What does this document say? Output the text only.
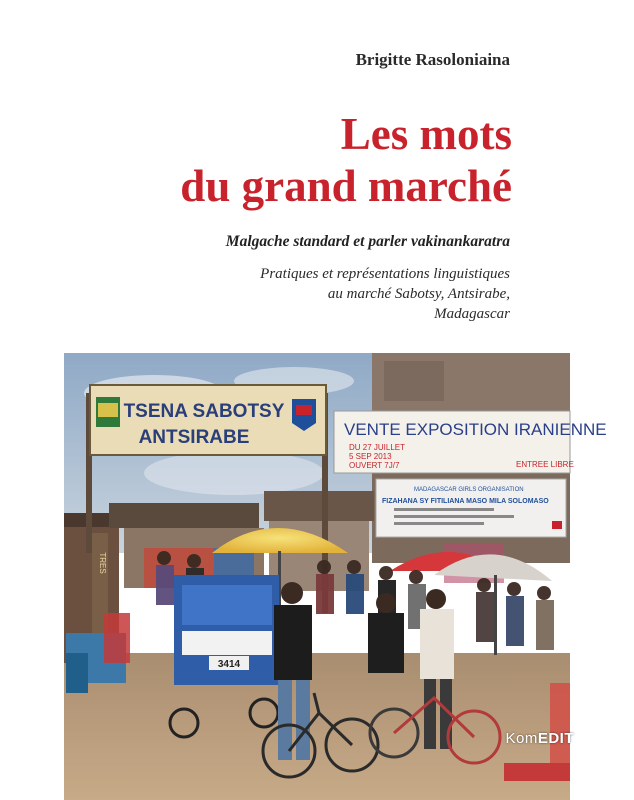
Brigitte Rasoloniaina
Les mots
du grand marché
Malgache standard et parler vakinankaratra
Pratiques et représentations linguistiques
au marché Sabotsy, Antsirabe,
Madagascar
TSENA SABOTSY
ANTSIRABE	VENTE EXPOSITION IRANIENNE
DU 27 JUILLET
5 SEP 2013
OUVERT 7J/7	ENTREE LIBRE
MADAGASCAR GIRLS ORGANISATION
FIZAHANA SY FITILIANA MASO MILA SOLOMASO
TRES
3414
KomEDIT
